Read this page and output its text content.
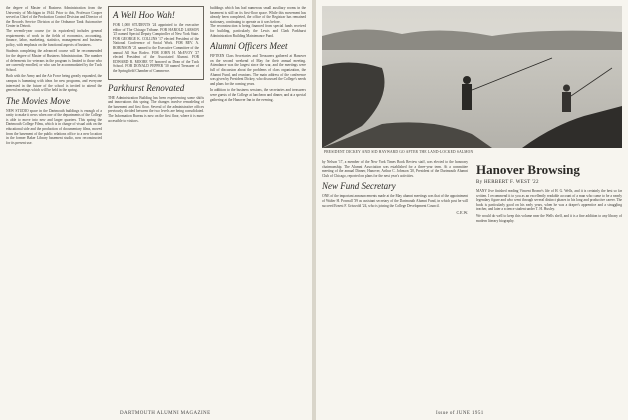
the degree of Master of Business Administration from the University of Michigan in 1944. Prior to this, Professor Cooper served as Chief of the Production Control Division and Director of the Records Service Division at the Ordnance Tank Automotive Center in Detroit.

The seventh-year course (or its equivalent) includes general requirements of work in the fields of economics, accounting, finance, labor, marketing, statistics, management and business policy, with emphasis on the functional aspects of business.

Students completing the advanced course will be recommended for the degree of Master of Business Administration. The number of deferments for veterans in the program is limited to those who are currently enrolled, or who can be accommodated by the Tuck School.

Both with the Army and the Air Force being greatly expanded, the campus is humming with ideas for new programs, and everyone interested in the future of the school is invited to attend the general meetings which will be held in the spring.

The Movies Move

NEW STUDIO space in the Dartmouth buildings is enough of a rarity to make it news when one of the departments of the College is able to move into new and larger quarters. This spring the Dartmouth College Films, which is in charge of visual aids on the educational side and the production of documentary films, moved from the basement of the public relations office to a new location in the former Baker Library basement studio, now reconstructed for its present use.

A Well Hoo Wah!

FOR 1,000 STUDENTS '24 appointed to the executive editor of The Chicago Tribune. FOR HAROLD LARSON '25 named Special Deputy Comptroller of New York State. FOR GEORGE K. COLLINS '17 elected President of the National Conference of Social Work. FOR REV. A. ROBINSON '21 named to the Executive Committee of the annual All Star Rodeo. FOR JOHN H. McEVOY '27 elected President of the Associated Alumni. FOR EDWARD R. MOORE '07 honored as Dean of the Tuck School. FOR DONALD PEPPER '30 named Treasurer of the Springfield Chamber of Commerce.

Parkhurst Renovated

THE Administration Building has been experiencing some shifts and innovations this spring. The changes involve remodeling of the basement and first floor. Several of the administrative offices previously divided between the two levels are being consolidated. The Information Bureau is now on the first floor, where it is more accessible to visitors.

buildings which has had numerous small auxiliary rooms in the basement is still on its first-floor space. While this movement has already been completed, the office of the Registrar has remained stationary, continuing to operate as it was before.

The reconstruction is being financed from special funds received for building, particularly the Lewis and Clark Parkhurst Administration Building Maintenance Fund.

Alumni Officers Meet

FIFTEEN Class Secretaries and Treasurers gathered at Hanover on the second weekend of May for their annual meeting. Attendance was the largest since the war, and the meetings were full of discussion about the problems of class organization, the Alumni Fund, and reunions. The main address of the conference was given by President Dickey, who discussed the College's needs and plans for the coming years.

In addition to the business sessions, the secretaries and treasurers were guests of the College at luncheon and dinner, and at a special gathering at the Hanover Inn in the evening.

DARTMOUTH ALUMNI MAGAZINE
PRESIDENT DICKEY AND SID HAYWARD GO AFTER THE LAND-LOCKED SALMON

by Nelson '17, a member of the New York Times Book Review staff, was elected to the honorary chairmanship. The Alumni Association was established for a three-year term. At a committee meeting of the annual Dinner, Hanover, Arthur C. Johnson '20, President of the Dartmouth Alumni Club of Chicago, reported on plans for the next year's activities.

New Fund Secretary

ONE of the important announcements made at the May alumni meetings was that of the appointment of Walter H. Pownall '39 as assistant secretary of the Dartmouth Alumni Fund, in which post he will succeed Ernest F. Griswold '24, who is joining the College Development Council.

C.E.W.
Hanover Browsing
By HERBERT F. WEST '22

MANY Jive finished reading Vincent Brome's life of H. G. Wells, and it is certainly the best so far written. I recommend it to you as an excellently readable account of a man who came to be a nearly legendary figure and who went through several distinct phases in his long and productive career. The book is particularly good on his early years, when he was a draper's apprentice and a struggling teacher, and later a science student under T. H. Huxley.

We would do well to keep this volume near the Wells shelf, and it is a fine addition to any library of modern literary biography.

Issue of JUNE 1951
